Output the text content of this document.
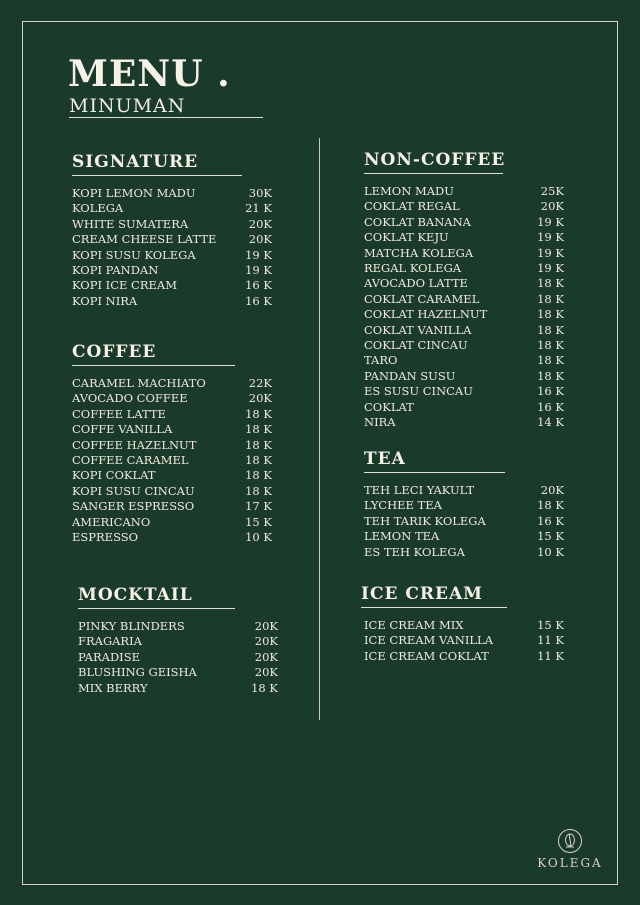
MENU .

MINUMAN

SIGNATURE
KOPI LEMON MADU	30K
KOLEGA	21 K
WHITE SUMATERA	20K
CREAM CHEESE LATTE	20K
KOPI SUSU KOLEGA	19 K
KOPI PANDAN	19 K
KOPI ICE CREAM	16 K
KOPI NIRA	16 K
COFFEE
CARAMEL MACHIATO	22K
AVOCADO COFFEE	20K
COFFEE LATTE	18 K
COFFE VANILLA	18 K
COFFEE HAZELNUT	18 K
COFFEE CARAMEL	18 K
KOPI COKLAT	18 K
KOPI SUSU CINCAU	18 K
SANGER ESPRESSO	17 K
AMERICANO	15 K
ESPRESSO	10 K
MOCKTAIL
PINKY BLINDERS	20K
FRAGARIA	20K
PARADISE	20K
BLUSHING GEISHA	20K
MIX BERRY	18 K
NON-COFFEE
LEMON MADU	25K
COKLAT REGAL	20K
COKLAT BANANA	19 K
COKLAT KEJU	19 K
MATCHA KOLEGA	19 K
REGAL KOLEGA	19 K
AVOCADO LATTE	18 K
COKLAT CARAMEL	18 K
COKLAT HAZELNUT	18 K
COKLAT VANILLA	18 K
COKLAT CINCAU	18 K
TARO	18 K
PANDAN SUSU	18 K
ES SUSU CINCAU	16 K
COKLAT	16 K
NIRA	14 K
TEA
TEH LECI YAKULT	20K
LYCHEE TEA	18 K
TEH TARIK KOLEGA	16 K
LEMON TEA	15 K
ES TEH KOLEGA	10 K
ICE CREAM
ICE CREAM MIX	15 K
ICE CREAM VANILLA	11 K
ICE CREAM COKLAT	11 K
KOLEGA
